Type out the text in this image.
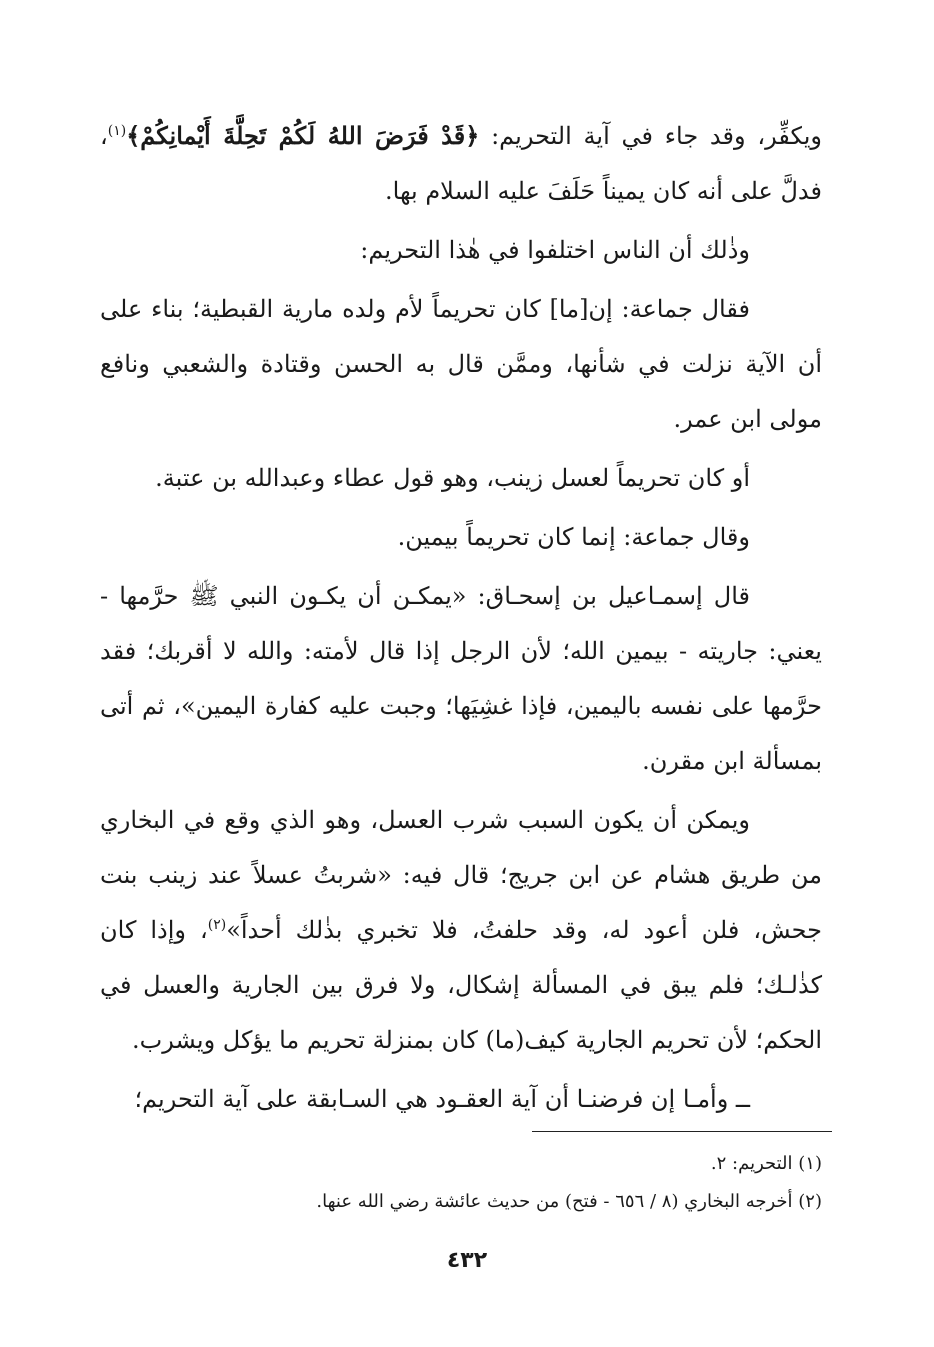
ويكفِّر، وقد جاء في آية التحريم: ﴿قَدْ فَرَضَ اللهُ لَكُمْ تَحِلَّةَ أَيْمانِكُمْ﴾$^{(١)}$، فدلَّ على أنه كان يميناً حَلَفَ عليه السلام بها.

وذٰلك أن الناس اختلفوا في هٰذا التحريم:

فقال جماعة: إن[ما] كان تحريماً لأم ولده مارية القبطية؛ بناء على أن الآية نزلت في شأنها، وممَّن قال به الحسن وقتادة والشعبي ونافع مولى ابن عمر.

أو كان تحريماً لعسل زينب، وهو قول عطاء وعبدالله بن عتبة.

وقال جماعة: إنما كان تحريماً بيمين.

قال إسمـاعيل بن إسحـاق: «يمكـن أن يكـون النبي ﷺ حرَّمها - يعني: جاريته - بيمين الله؛ لأن الرجل إذا قال لأمته: والله لا أقربك؛ فقد حرَّمها على نفسه باليمين، فإذا غشِيَها؛ وجبت عليه كفارة اليمين»، ثم أتى بمسألة ابن مقرن.

ويمكن أن يكون السبب شرب العسل، وهو الذي وقع في البخاري من طريق هشام عن ابن جريج؛ قال فيه: «شربتُ عسلاً عند زينب بنت جحش، فلن أعود له، وقد حلفتُ، فلا تخبري بذٰلك أحداً»$^{(٢)}$، وإذا كان كذٰلـك؛ فلم يبق في المسألة إشكال، ولا فرق بين الجارية والعسل في الحكم؛ لأن تحريم الجارية كيف(ما) كان بمنزلة تحريم ما يؤكل ويشرب.

ــ وأمـا إن فرضنـا أن آية العقـود هي السـابقة على آية التحريم؛

(١) التحريم: ٢.

(٢) أخرجه البخاري (٨ / ٦٥٦ - فتح) من حديث عائشة رضي الله عنها.

٤٣٢
